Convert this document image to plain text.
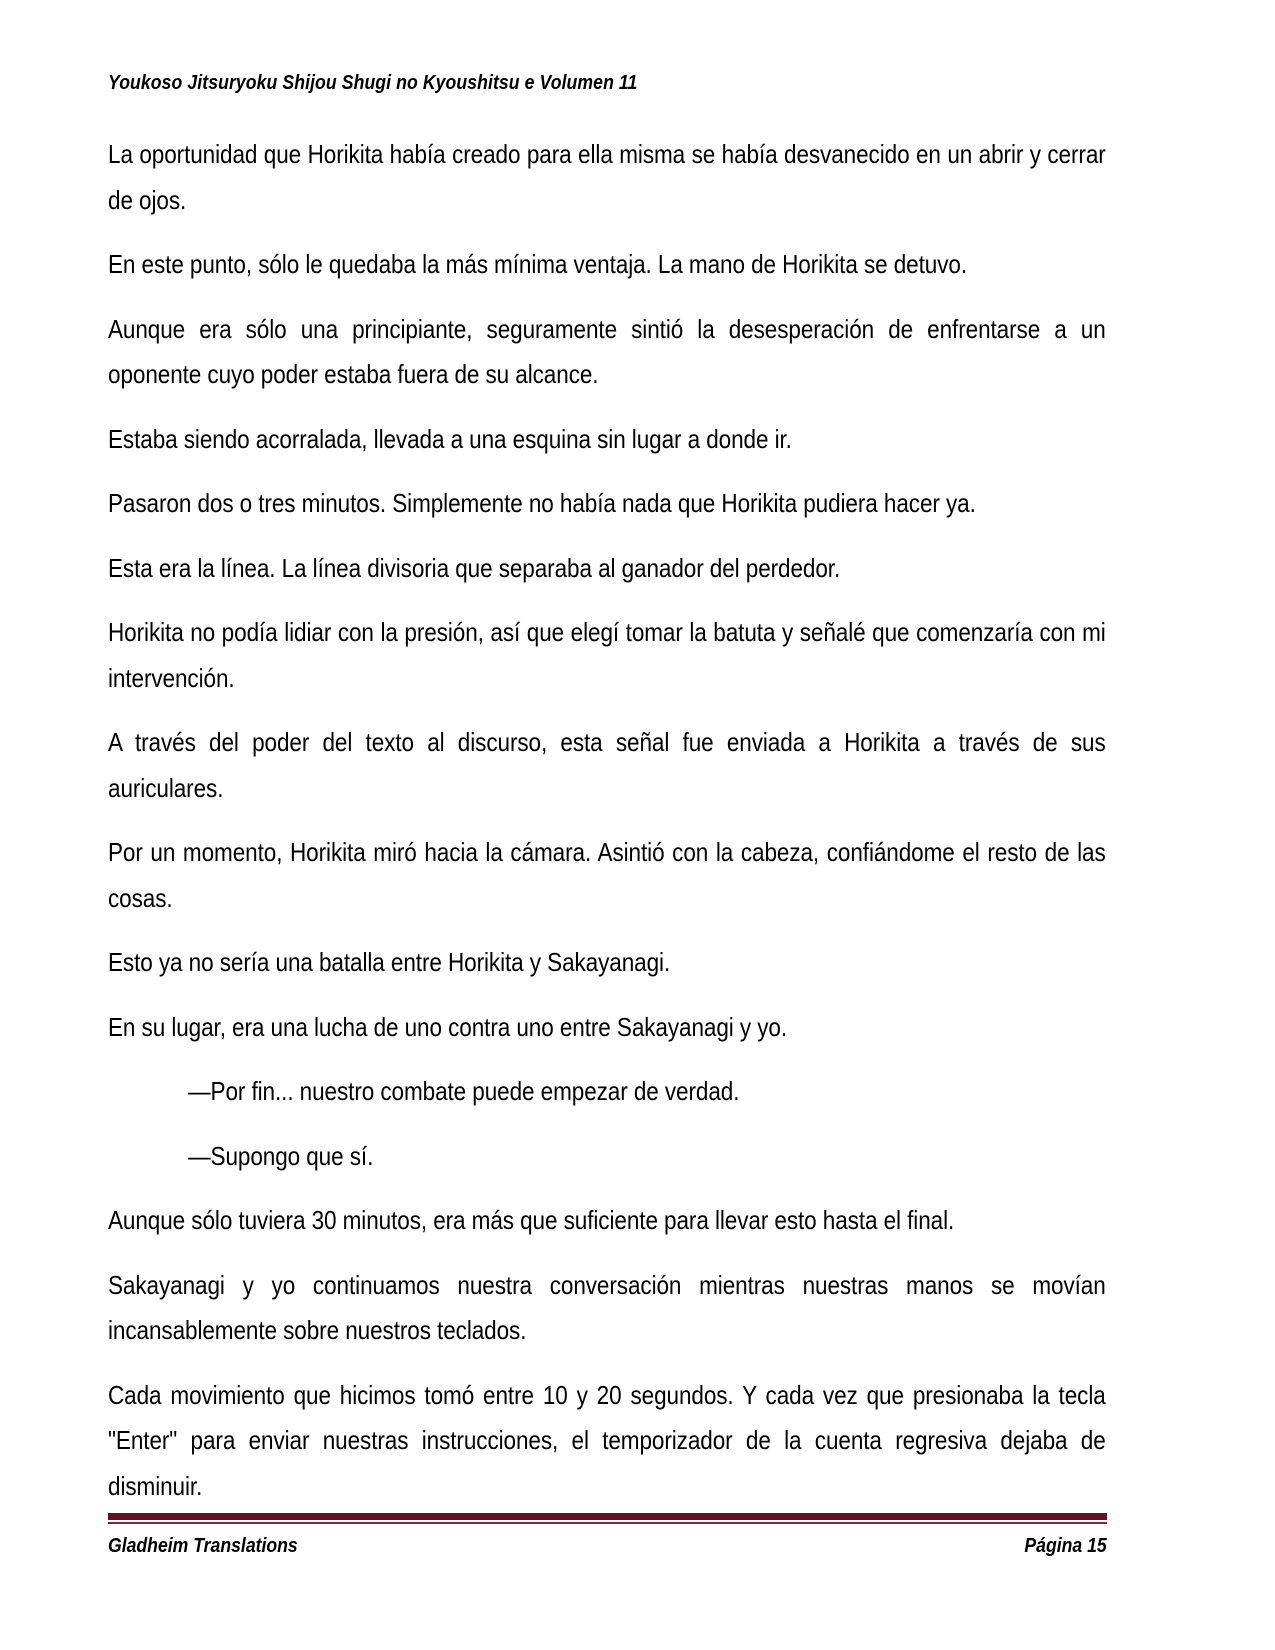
Youkoso Jitsuryoku Shijou Shugi no Kyoushitsu e Volumen 11

La oportunidad que Horikita había creado para ella misma se había desvanecido en un abrir y cerrar de ojos.

En este punto, sólo le quedaba la más mínima ventaja. La mano de Horikita se detuvo.

Aunque era sólo una principiante, seguramente sintió la desesperación de enfrentarse a un oponente cuyo poder estaba fuera de su alcance.

Estaba siendo acorralada, llevada a una esquina sin lugar a donde ir.

Pasaron dos o tres minutos. Simplemente no había nada que Horikita pudiera hacer ya.

Esta era la línea. La línea divisoria que separaba al ganador del perdedor.

Horikita no podía lidiar con la presión, así que elegí tomar la batuta y señalé que comenzaría con mi intervención.

A través del poder del texto al discurso, esta señal fue enviada a Horikita a través de sus auriculares.

Por un momento, Horikita miró hacia la cámara. Asintió con la cabeza, confiándome el resto de las cosas.

Esto ya no sería una batalla entre Horikita y Sakayanagi.

En su lugar, era una lucha de uno contra uno entre Sakayanagi y yo.

—Por fin... nuestro combate puede empezar de verdad.

—Supongo que sí.

Aunque sólo tuviera 30 minutos, era más que suficiente para llevar esto hasta el final.

Sakayanagi y yo continuamos nuestra conversación mientras nuestras manos se movían incansablemente sobre nuestros teclados.

Cada movimiento que hicimos tomó entre 10 y 20 segundos. Y cada vez que presionaba la tecla "Enter" para enviar nuestras instrucciones, el temporizador de la cuenta regresiva dejaba de disminuir.

Gladheim Translations	Página 15
